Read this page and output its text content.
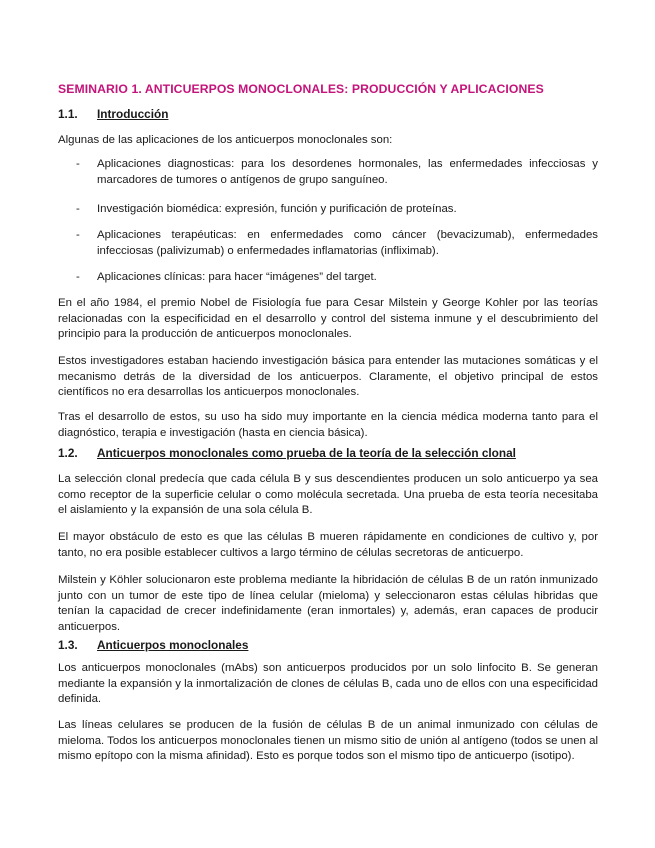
SEMINARIO 1. ANTICUERPOS MONOCLONALES: PRODUCCIÓN Y APLICACIONES
1.1. Introducción

Algunas de las aplicaciones de los anticuerpos monoclonales son:

- Aplicaciones diagnosticas: para los desordenes hormonales, las enfermedades infecciosas y marcadores de tumores o antígenos de grupo sanguíneo.
- Investigación biomédica: expresión, función y purificación de proteínas.
- Aplicaciones terapéuticas: en enfermedades como cáncer (bevacizumab), enfermedades infecciosas (palivizumab) o enfermedades inflamatorias (infliximab).
- Aplicaciones clínicas: para hacer “imágenes” del target.

En el año 1984, el premio Nobel de Fisiología fue para Cesar Milstein y George Kohler por las teorías relacionadas con la especificidad en el desarrollo y control del sistema inmune y el descubrimiento del principio para la producción de anticuerpos monoclonales.

Estos investigadores estaban haciendo investigación básica para entender las mutaciones somáticas y el mecanismo detrás de la diversidad de los anticuerpos. Claramente, el objetivo principal de estos científicos no era desarrollas los anticuerpos monoclonales.

Tras el desarrollo de estos, su uso ha sido muy importante en la ciencia médica moderna tanto para el diagnóstico, terapia e investigación (hasta en ciencia básica).

1.2. Anticuerpos monoclonales como prueba de la teoría de la selección clonal

La selección clonal predecía que cada célula B y sus descendientes producen un solo anticuerpo ya sea como receptor de la superficie celular o como molécula secretada. Una prueba de esta teoría necesitaba el aislamiento y la expansión de una sola célula B.

El mayor obstáculo de esto es que las células B mueren rápidamente en condiciones de cultivo y, por tanto, no era posible establecer cultivos a largo término de células secretoras de anticuerpo.

Milstein y Köhler solucionaron este problema mediante la hibridación de células B de un ratón inmunizado junto con un tumor de este tipo de línea celular (mieloma) y seleccionaron estas células hibridas que tenían la capacidad de crecer indefinidamente (eran inmortales) y, además, eran capaces de producir anticuerpos.

1.3. Anticuerpos monoclonales

Los anticuerpos monoclonales (mAbs) son anticuerpos producidos por un solo linfocito B. Se generan mediante la expansión y la inmortalización de clones de células B, cada uno de ellos con una especificidad definida.

Las líneas celulares se producen de la fusión de células B de un animal inmunizado con células de mieloma. Todos los anticuerpos monoclonales tienen un mismo sitio de unión al antígeno (todos se unen al mismo epítopo con la misma afinidad). Esto es porque todos son el mismo tipo de anticuerpo (isotipo).
